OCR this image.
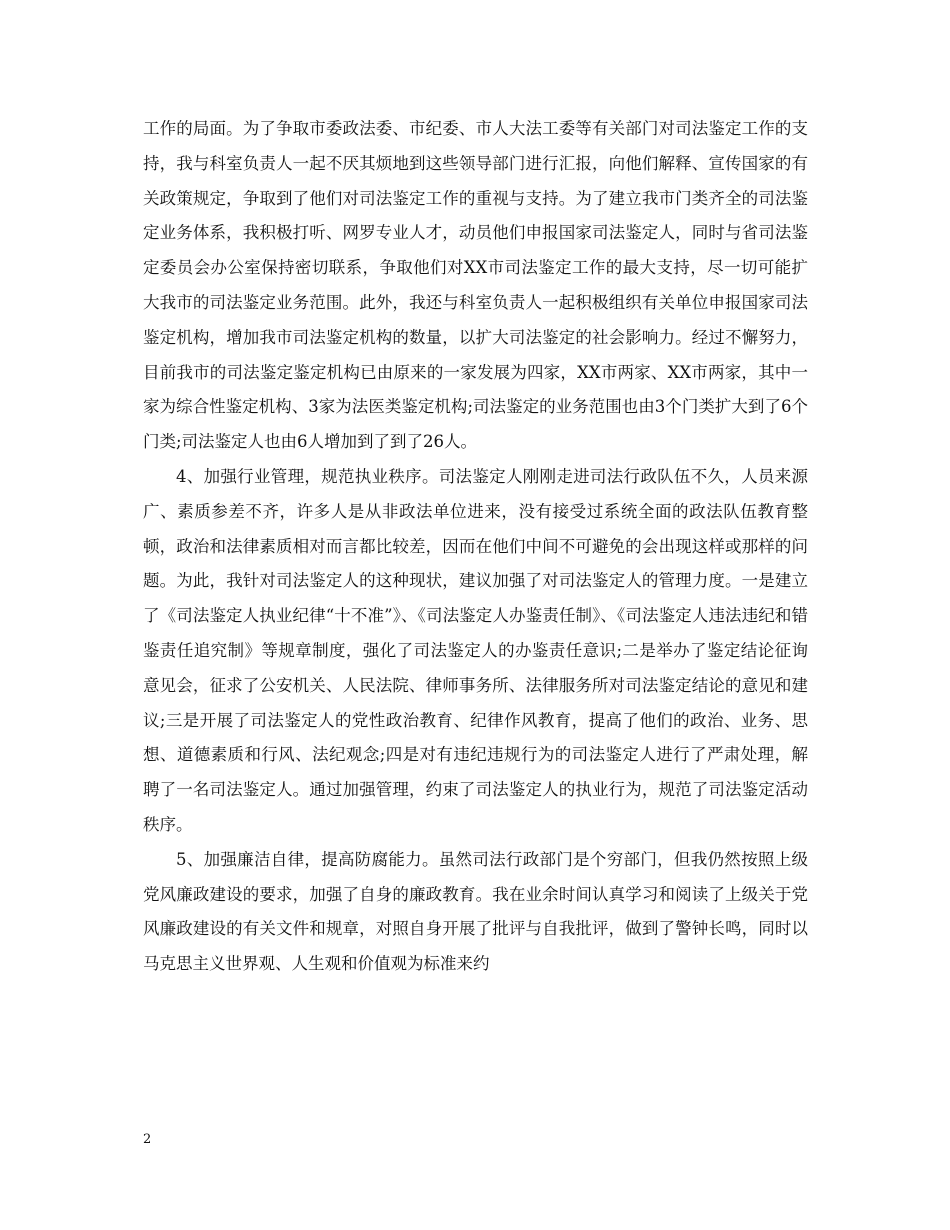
工作的局面。为了争取市委政法委、市纪委、市人大法工委等有关部门对司法鉴定工作的支持，我与科室负责人一起不厌其烦地到这些领导部门进行汇报，向他们解释、宣传国家的有关政策规定，争取到了他们对司法鉴定工作的重视与支持。为了建立我市门类齐全的司法鉴定业务体系，我积极打听、网罗专业人才，动员他们申报国家司法鉴定人，同时与省司法鉴定委员会办公室保持密切联系，争取他们对XX市司法鉴定工作的最大支持，尽一切可能扩大我市的司法鉴定业务范围。此外，我还与科室负责人一起积极组织有关单位申报国家司法鉴定机构，增加我市司法鉴定机构的数量，以扩大司法鉴定的社会影响力。经过不懈努力，目前我市的司法鉴定鉴定机构已由原来的一家发展为四家，XX市两家、XX市两家，其中一家为综合性鉴定机构、3家为法医类鉴定机构;司法鉴定的业务范围也由3个门类扩大到了6个门类;司法鉴定人也由6人增加到了到了26人。

4、加强行业管理，规范执业秩序。司法鉴定人刚刚走进司法行政队伍不久，人员来源广、素质参差不齐，许多人是从非政法单位进来，没有接受过系统全面的政法队伍教育整顿，政治和法律素质相对而言都比较差，因而在他们中间不可避免的会出现这样或那样的问题。为此，我针对司法鉴定人的这种现状，建议加强了对司法鉴定人的管理力度。一是建立了《司法鉴定人执业纪律“十不准”》、《司法鉴定人办鉴责任制》、《司法鉴定人违法违纪和错鉴责任追究制》等规章制度，强化了司法鉴定人的办鉴责任意识;二是举办了鉴定结论征询意见会，征求了公安机关、人民法院、律师事务所、法律服务所对司法鉴定结论的意见和建议;三是开展了司法鉴定人的党性政治教育、纪律作风教育，提高了他们的政治、业务、思想、道德素质和行风、法纪观念;四是对有违纪违规行为的司法鉴定人进行了严肃处理，解聘了一名司法鉴定人。通过加强管理，约束了司法鉴定人的执业行为，规范了司法鉴定活动秩序。

5、加强廉洁自律，提高防腐能力。虽然司法行政部门是个穷部门，但我仍然按照上级党风廉政建设的要求，加强了自身的廉政教育。我在业余时间认真学习和阅读了上级关于党风廉政建设的有关文件和规章，对照自身开展了批评与自我批评，做到了警钟长鸣，同时以马克思主义世界观、人生观和价值观为标准来约

2
